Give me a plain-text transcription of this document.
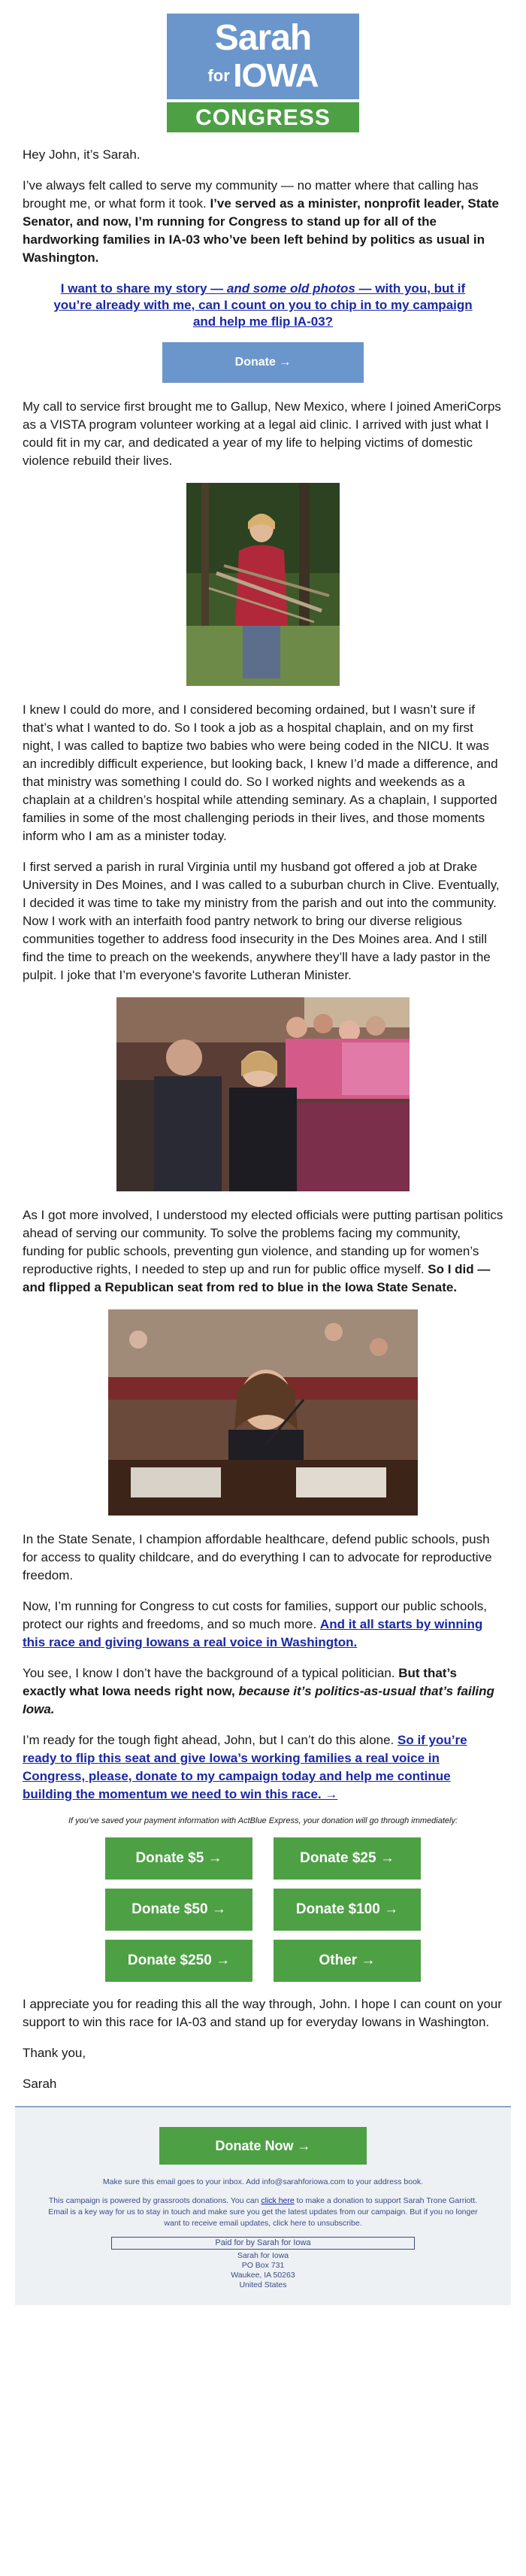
Sarah
for IOWA
CONGRESS

Hey John, it’s Sarah.

I’ve always felt called to serve my community — no matter where that calling has brought me, or what form it took. I’ve served as a minister, nonprofit leader, State Senator, and now, I’m running for Congress to stand up for all of the hardworking families in IA-03 who’ve been left behind by politics as usual in Washington.

I want to share my story — and some old photos — with you, but if you’re already with me, can I count on you to chip in to my campaign and help me flip IA-03?
Donate →

My call to service first brought me to Gallup, New Mexico, where I joined AmeriCorps as a VISTA program volunteer working at a legal aid clinic. I arrived with just what I could fit in my car, and dedicated a year of my life to helping victims of domestic violence rebuild their lives.

I knew I could do more, and I considered becoming ordained, but I wasn’t sure if that’s what I wanted to do. So I took a job as a hospital chaplain, and on my first night, I was called to baptize two babies who were being coded in the NICU. It was an incredibly difficult experience, but looking back, I knew I’d made a difference, and that ministry was something I could do. So I worked nights and weekends as a chaplain at a children’s hospital while attending seminary. As a chaplain, I supported families in some of the most challenging periods in their lives, and those moments inform who I am as a minister today.

I first served a parish in rural Virginia until my husband got offered a job at Drake University in Des Moines, and I was called to a suburban church in Clive. Eventually, I decided it was time to take my ministry from the parish and out into the community. Now I work with an interfaith food pantry network to bring our diverse religious communities together to address food insecurity in the Des Moines area. And I still find the time to preach on the weekends, anywhere they’ll have a lady pastor in the pulpit. I joke that I’m everyone's favorite Lutheran Minister.

As I got more involved, I understood my elected officials were putting partisan politics ahead of serving our community. To solve the problems facing my community, funding for public schools, preventing gun violence, and standing up for women’s reproductive rights, I needed to step up and run for public office myself. So I did — and flipped a Republican seat from red to blue in the Iowa State Senate.

In the State Senate, I champion affordable healthcare, defend public schools, push for access to quality childcare, and do everything I can to advocate for reproductive freedom.

Now, I’m running for Congress to cut costs for families, support our public schools, protect our rights and freedoms, and so much more. And it all starts by winning this race and giving Iowans a real voice in Washington.

You see, I know I don’t have the background of a typical politician. But that’s exactly what Iowa needs right now, because it’s politics-as-usual that’s failing Iowa.

I’m ready for the tough fight ahead, John, but I can’t do this alone. So if you’re ready to flip this seat and give Iowa’s working families a real voice in Congress, please, donate to my campaign today and help me continue building the momentum we need to win this race. →

If you’ve saved your payment information with ActBlue Express, your donation will go through immediately:
Donate $5 →	Donate $25 →
Donate $50 →	Donate $100 →
Donate $250 →	Other →

I appreciate you for reading this all the way through, John. I hope I can count on your support to win this race for IA-03 and stand up for everyday Iowans in Washington.

Thank you,

Sarah

Donate Now →
Make sure this email goes to your inbox. Add info@sarahforiowa.com to your address book.
This campaign is powered by grassroots donations. You can click here to make a donation to support Sarah Trone Garriott. Email is a key way for us to stay in touch and make sure you get the latest updates from our campaign. But if you no longer want to receive email updates, click here to unsubscribe.
Paid for by Sarah for Iowa
Sarah for Iowa
PO Box 731
Waukee, IA 50263
United States
